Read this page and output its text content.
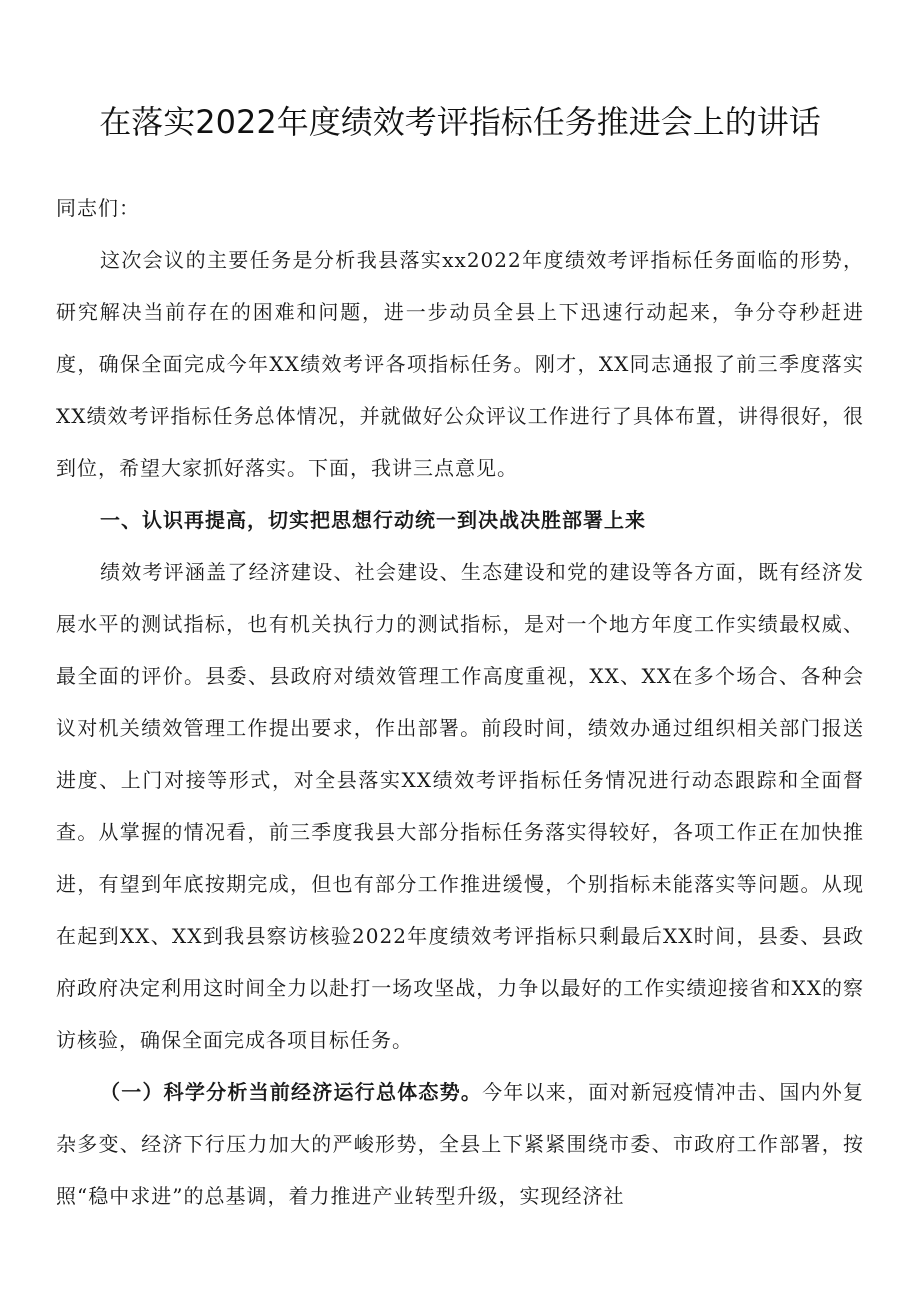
在落实2022年度绩效考评指标任务推进会上的讲话

同志们：

这次会议的主要任务是分析我县落实xx2022年度绩效考评指标任务面临的形势，研究解决当前存在的困难和问题，进一步动员全县上下迅速行动起来，争分夺秒赶进度，确保全面完成今年XX绩效考评各项指标任务。刚才，XX同志通报了前三季度落实XX绩效考评指标任务总体情况，并就做好公众评议工作进行了具体布置，讲得很好，很到位，希望大家抓好落实。下面，我讲三点意见。

一、认识再提高，切实把思想行动统一到决战决胜部署上来

绩效考评涵盖了经济建设、社会建设、生态建设和党的建设等各方面，既有经济发展水平的测试指标，也有机关执行力的测试指标，是对一个地方年度工作实绩最权威、最全面的评价。县委、县政府对绩效管理工作高度重视，XX、XX在多个场合、各种会议对机关绩效管理工作提出要求，作出部署。前段时间，绩效办通过组织相关部门报送进度、上门对接等形式，对全县落实XX绩效考评指标任务情况进行动态跟踪和全面督查。从掌握的情况看，前三季度我县大部分指标任务落实得较好，各项工作正在加快推进，有望到年底按期完成，但也有部分工作推进缓慢，个别指标未能落实等问题。从现在起到XX、XX到我县察访核验2022年度绩效考评指标只剩最后XX时间，县委、县政府政府决定利用这时间全力以赴打一场攻坚战，力争以最好的工作实绩迎接省和XX的察访核验，确保全面完成各项目标任务。

（一）科学分析当前经济运行总体态势。今年以来，面对新冠疫情冲击、国内外复杂多变、经济下行压力加大的严峻形势，全县上下紧紧围绕市委、市政府工作部署，按照“稳中求进”的总基调，着力推进产业转型升级，实现经济社
